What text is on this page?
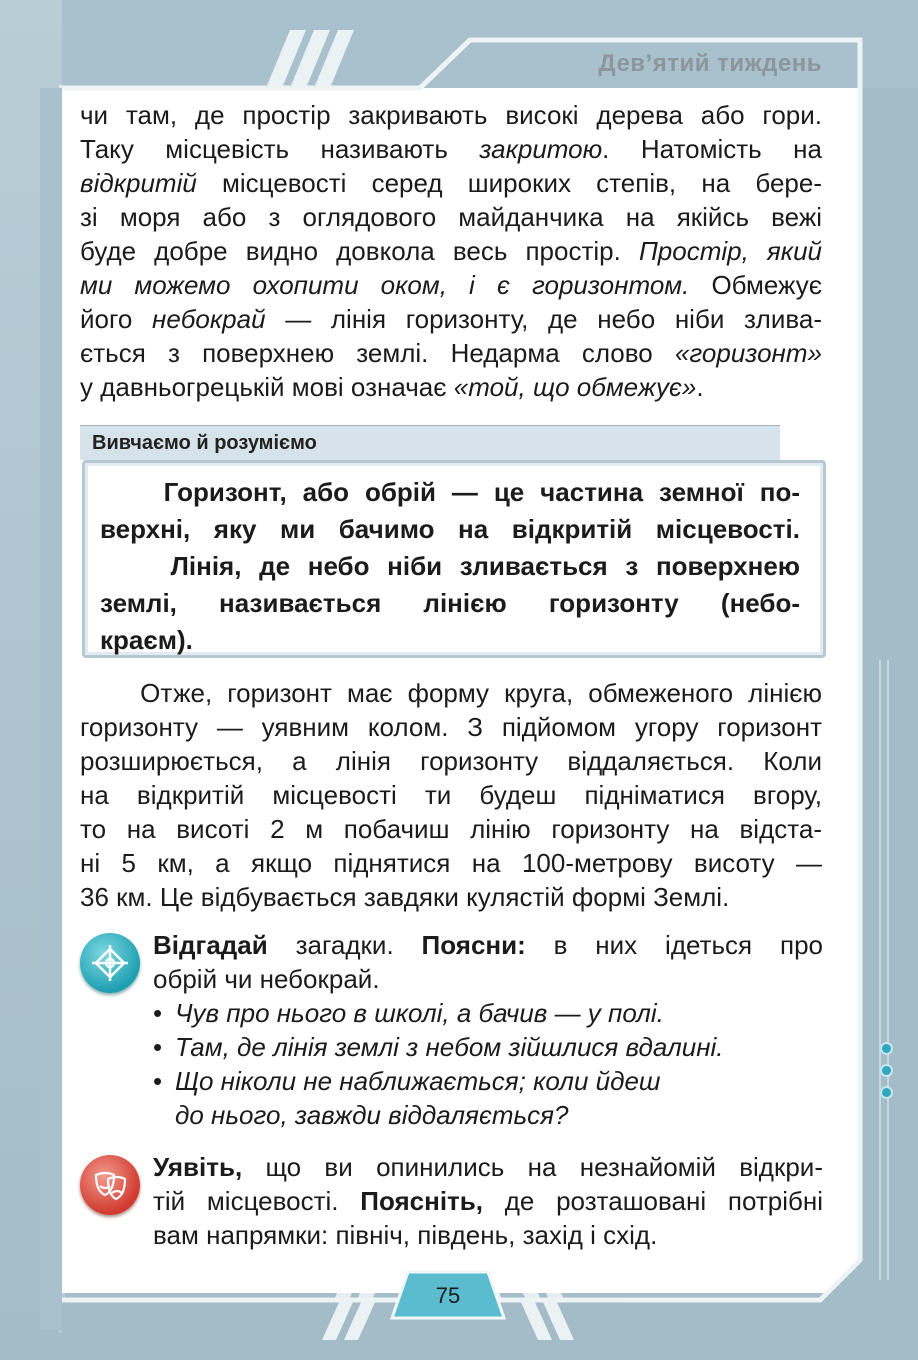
Дев’ятий тиждень
чи там, де простір закривають високі дерева або гори.
Таку місцевість називають закритою. Натомість на
відкритій місцевості серед широких степів, на бере-
зі моря або з оглядового майданчика на якійсь вежі
буде добре видно довкола весь простір. Простір, який
ми можемо охопити оком, і є горизонтом. Обмежує
його небокрай — лінія горизонту, де небо ніби злива-
ється з поверхнею землі. Недарма слово «горизонт»
у давньогрецькій мові означає «той, що обмежує».
Вивчаємо й розуміємо
Горизонт, або обрій — це частина земної по-
верхні, яку ми бачимо на відкритій місцевості.
Лінія, де небо ніби зливається з поверхнею
землі, називається лінією горизонту (небо-
краєм).
Отже, горизонт має форму круга, обмеженого лінією
горизонту — уявним колом. З підйомом угору горизонт
розширюється, а лінія горизонту віддаляється. Коли
на відкритій місцевості ти будеш підніматися вгору,
то на висоті 2 м побачиш лінію горизонту на відста-
ні 5 км, а якщо піднятися на 100-метрову висоту —
36 км. Це відбувається завдяки кулястій формі Землі.
Відгадай загадки. Поясни: в них ідеться про
обрій чи небокрай.
• Чув про нього в школі, а бачив — у полі.
• Там, де лінія землі з небом зійшлися вдалині.
• Що ніколи не наближається; коли йдеш
до нього, завжди віддаляється?
Уявіть, що ви опинились на незнайомій відкри-
тій місцевості. Поясніть, де розташовані потрібні
вам напрямки: північ, південь, захід і схід.
75
